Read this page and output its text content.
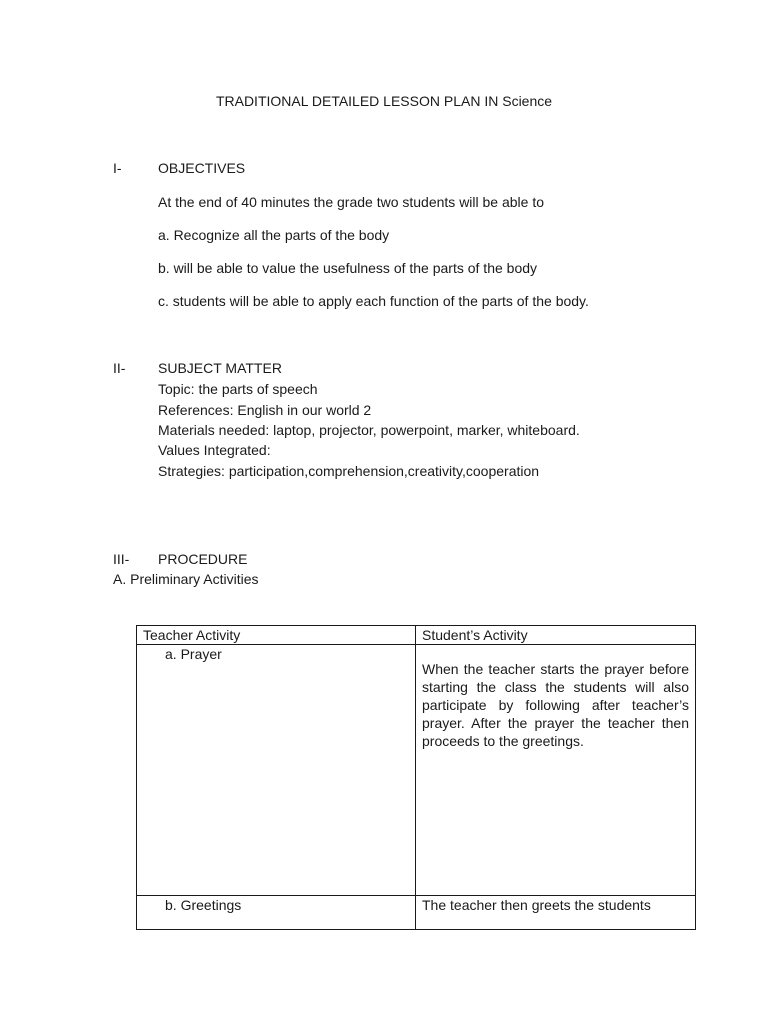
TRADITIONAL DETAILED LESSON PLAN IN Science
I-	OBJECTIVES
At the end of 40 minutes the grade two students will be able to
a. Recognize all the parts of the body
b. will be able to value the usefulness of the parts of the body
c. students will be able to apply each function of the parts of the body.
II- SUBJECT MATTER
Topic: the parts of speech
References: English in our world 2
Materials needed: laptop, projector, powerpoint, marker, whiteboard.
Values Integrated:
Strategies: participation,comprehension,creativity,cooperation
III- PROCEDURE
A. Preliminary Activities
Teacher Activity	Student’s Activity

a. Prayer	When the teacher starts the prayer before starting the class the students will also participate by following after teacher’s prayer. After the prayer the teacher then proceeds to the greetings.

b. Greetings	The teacher then greets the students
